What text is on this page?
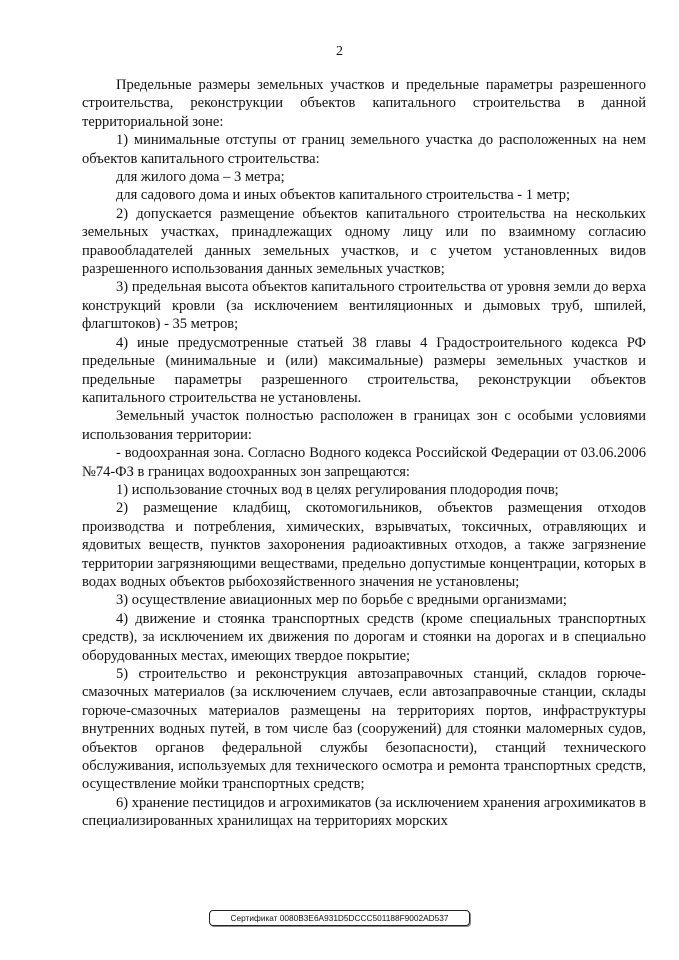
2

Предельные размеры земельных участков и предельные параметры разрешенного строительства, реконструкции объектов капитального строительства в данной территориальной зоне:

1) минимальные отступы от границ земельного участка до расположенных на нем объектов капитального строительства:

для жилого дома – 3 метра;

для садового дома и иных объектов капитального строительства - 1 метр;

2) допускается размещение объектов капитального строительства на нескольких земельных участках, принадлежащих одному лицу или по взаимному согласию правообладателей данных земельных участков, и с учетом установленных видов разрешенного использования данных земельных участков;

3) предельная высота объектов капитального строительства от уровня земли до верха конструкций кровли (за исключением вентиляционных и дымовых труб, шпилей, флагштоков) - 35 метров;

4) иные предусмотренные статьей 38 главы 4 Градостроительного кодекса РФ предельные (минимальные и (или) максимальные) размеры земельных участков и предельные параметры разрешенного строительства, реконструкции объектов капитального строительства не установлены.

Земельный участок полностью расположен в границах зон с особыми условиями использования территории:

- водоохранная зона. Согласно Водного кодекса Российской Федерации от 03.06.2006 №74-ФЗ в границах водоохранных зон запрещаются:

1) использование сточных вод в целях регулирования плодородия почв;

2) размещение кладбищ, скотомогильников, объектов размещения отходов производства и потребления, химических, взрывчатых, токсичных, отравляющих и ядовитых веществ, пунктов захоронения радиоактивных отходов, а также загрязнение территории загрязняющими веществами, предельно допустимые концентрации, которых в водах водных объектов рыбохозяйственного значения не установлены;

3) осуществление авиационных мер по борьбе с вредными организмами;

4) движение и стоянка транспортных средств (кроме специальных транспортных средств), за исключением их движения по дорогам и стоянки на дорогах и в специально оборудованных местах, имеющих твердое покрытие;

5) строительство и реконструкция автозаправочных станций, складов горюче-смазочных материалов (за исключением случаев, если автозаправочные станции, склады горюче-смазочных материалов размещены на территориях портов, инфраструктуры внутренних водных путей, в том числе баз (сооружений) для стоянки маломерных судов, объектов органов федеральной службы безопасности), станций технического обслуживания, используемых для технического осмотра и ремонта транспортных средств, осуществление мойки транспортных средств;

6) хранение пестицидов и агрохимикатов (за исключением хранения агрохимикатов в специализированных хранилищах на территориях морских

Сертификат 0080B3E6A931D5DCCC501188F9002AD537
